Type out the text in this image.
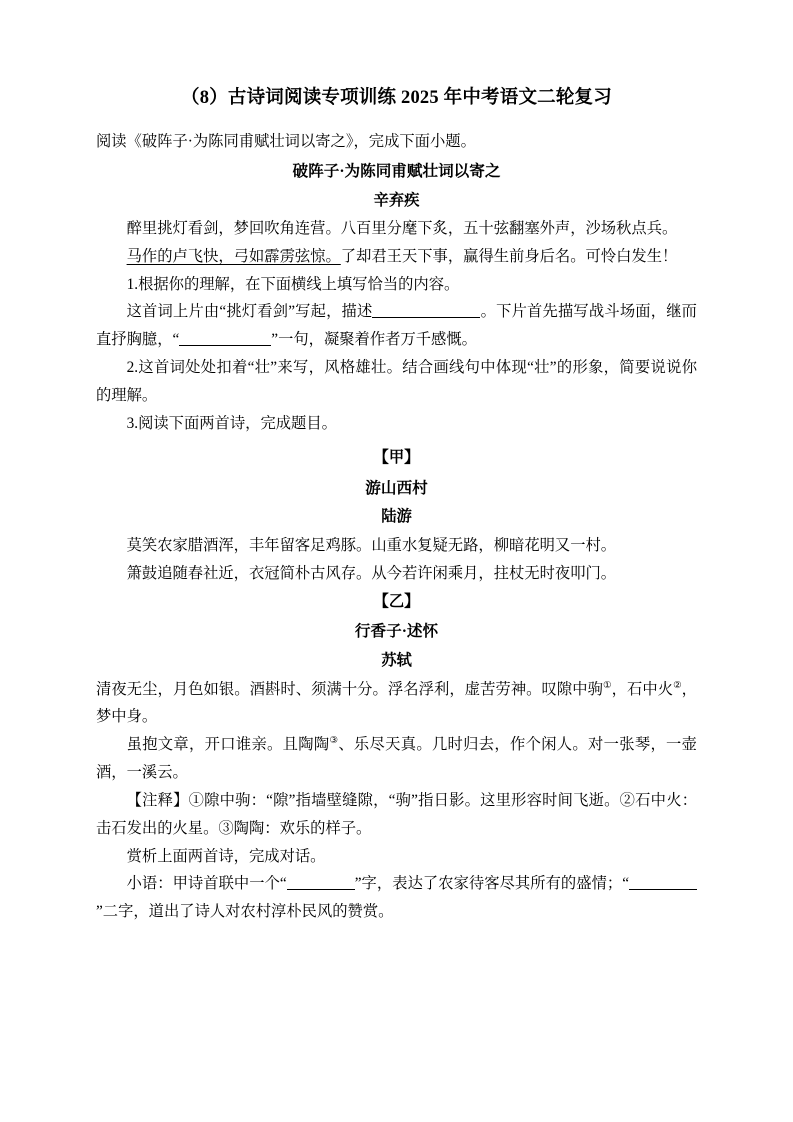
（8）古诗词阅读专项训练 2025 年中考语文二轮复习

阅读《破阵子·为陈同甫赋壮词以寄之》，完成下面小题。

破阵子·为陈同甫赋壮词以寄之

辛弃疾

醉里挑灯看剑，梦回吹角连营。八百里分麾下炙，五十弦翻塞外声，沙场秋点兵。

马作的卢飞快，弓如霹雳弦惊。了却君王天下事，赢得生前身后名。可怜白发生！

1.根据你的理解，在下面横线上填写恰当的内容。

这首词上片由“挑灯看剑”写起，描述	。下片首先描写战斗场面，继而直抒胸臆，“	”一句，凝聚着作者万千感慨。

2.这首词处处扣着“壮”来写，风格雄壮。结合画线句中体现“壮”的形象，简要说说你的理解。

3.阅读下面两首诗，完成题目。

【甲】

游山西村

陆游

莫笑农家腊酒浑，丰年留客足鸡豚。山重水复疑无路，柳暗花明又一村。

箫鼓追随春社近，衣冠简朴古风存。从今若许闲乘月，拄杖无时夜叩门。

【乙】

行香子·述怀

苏轼

清夜无尘，月色如银。酒斟时、须满十分。浮名浮利，虚苦劳神。叹隙中驹①，石中火②，梦中身。

虽抱文章，开口谁亲。且陶陶③、乐尽天真。几时归去，作个闲人。对一张琴，一壶酒，一溪云。

【注释】①隙中驹：“隙”指墙壁缝隙，“驹”指日影。这里形容时间飞逝。②石中火：击石发出的火星。③陶陶：欢乐的样子。

赏析上面两首诗，完成对话。

小语：甲诗首联中一个“	”字，表达了农家待客尽其所有的盛情；“”二字，道出了诗人对农村淳朴民风的赞赏。
